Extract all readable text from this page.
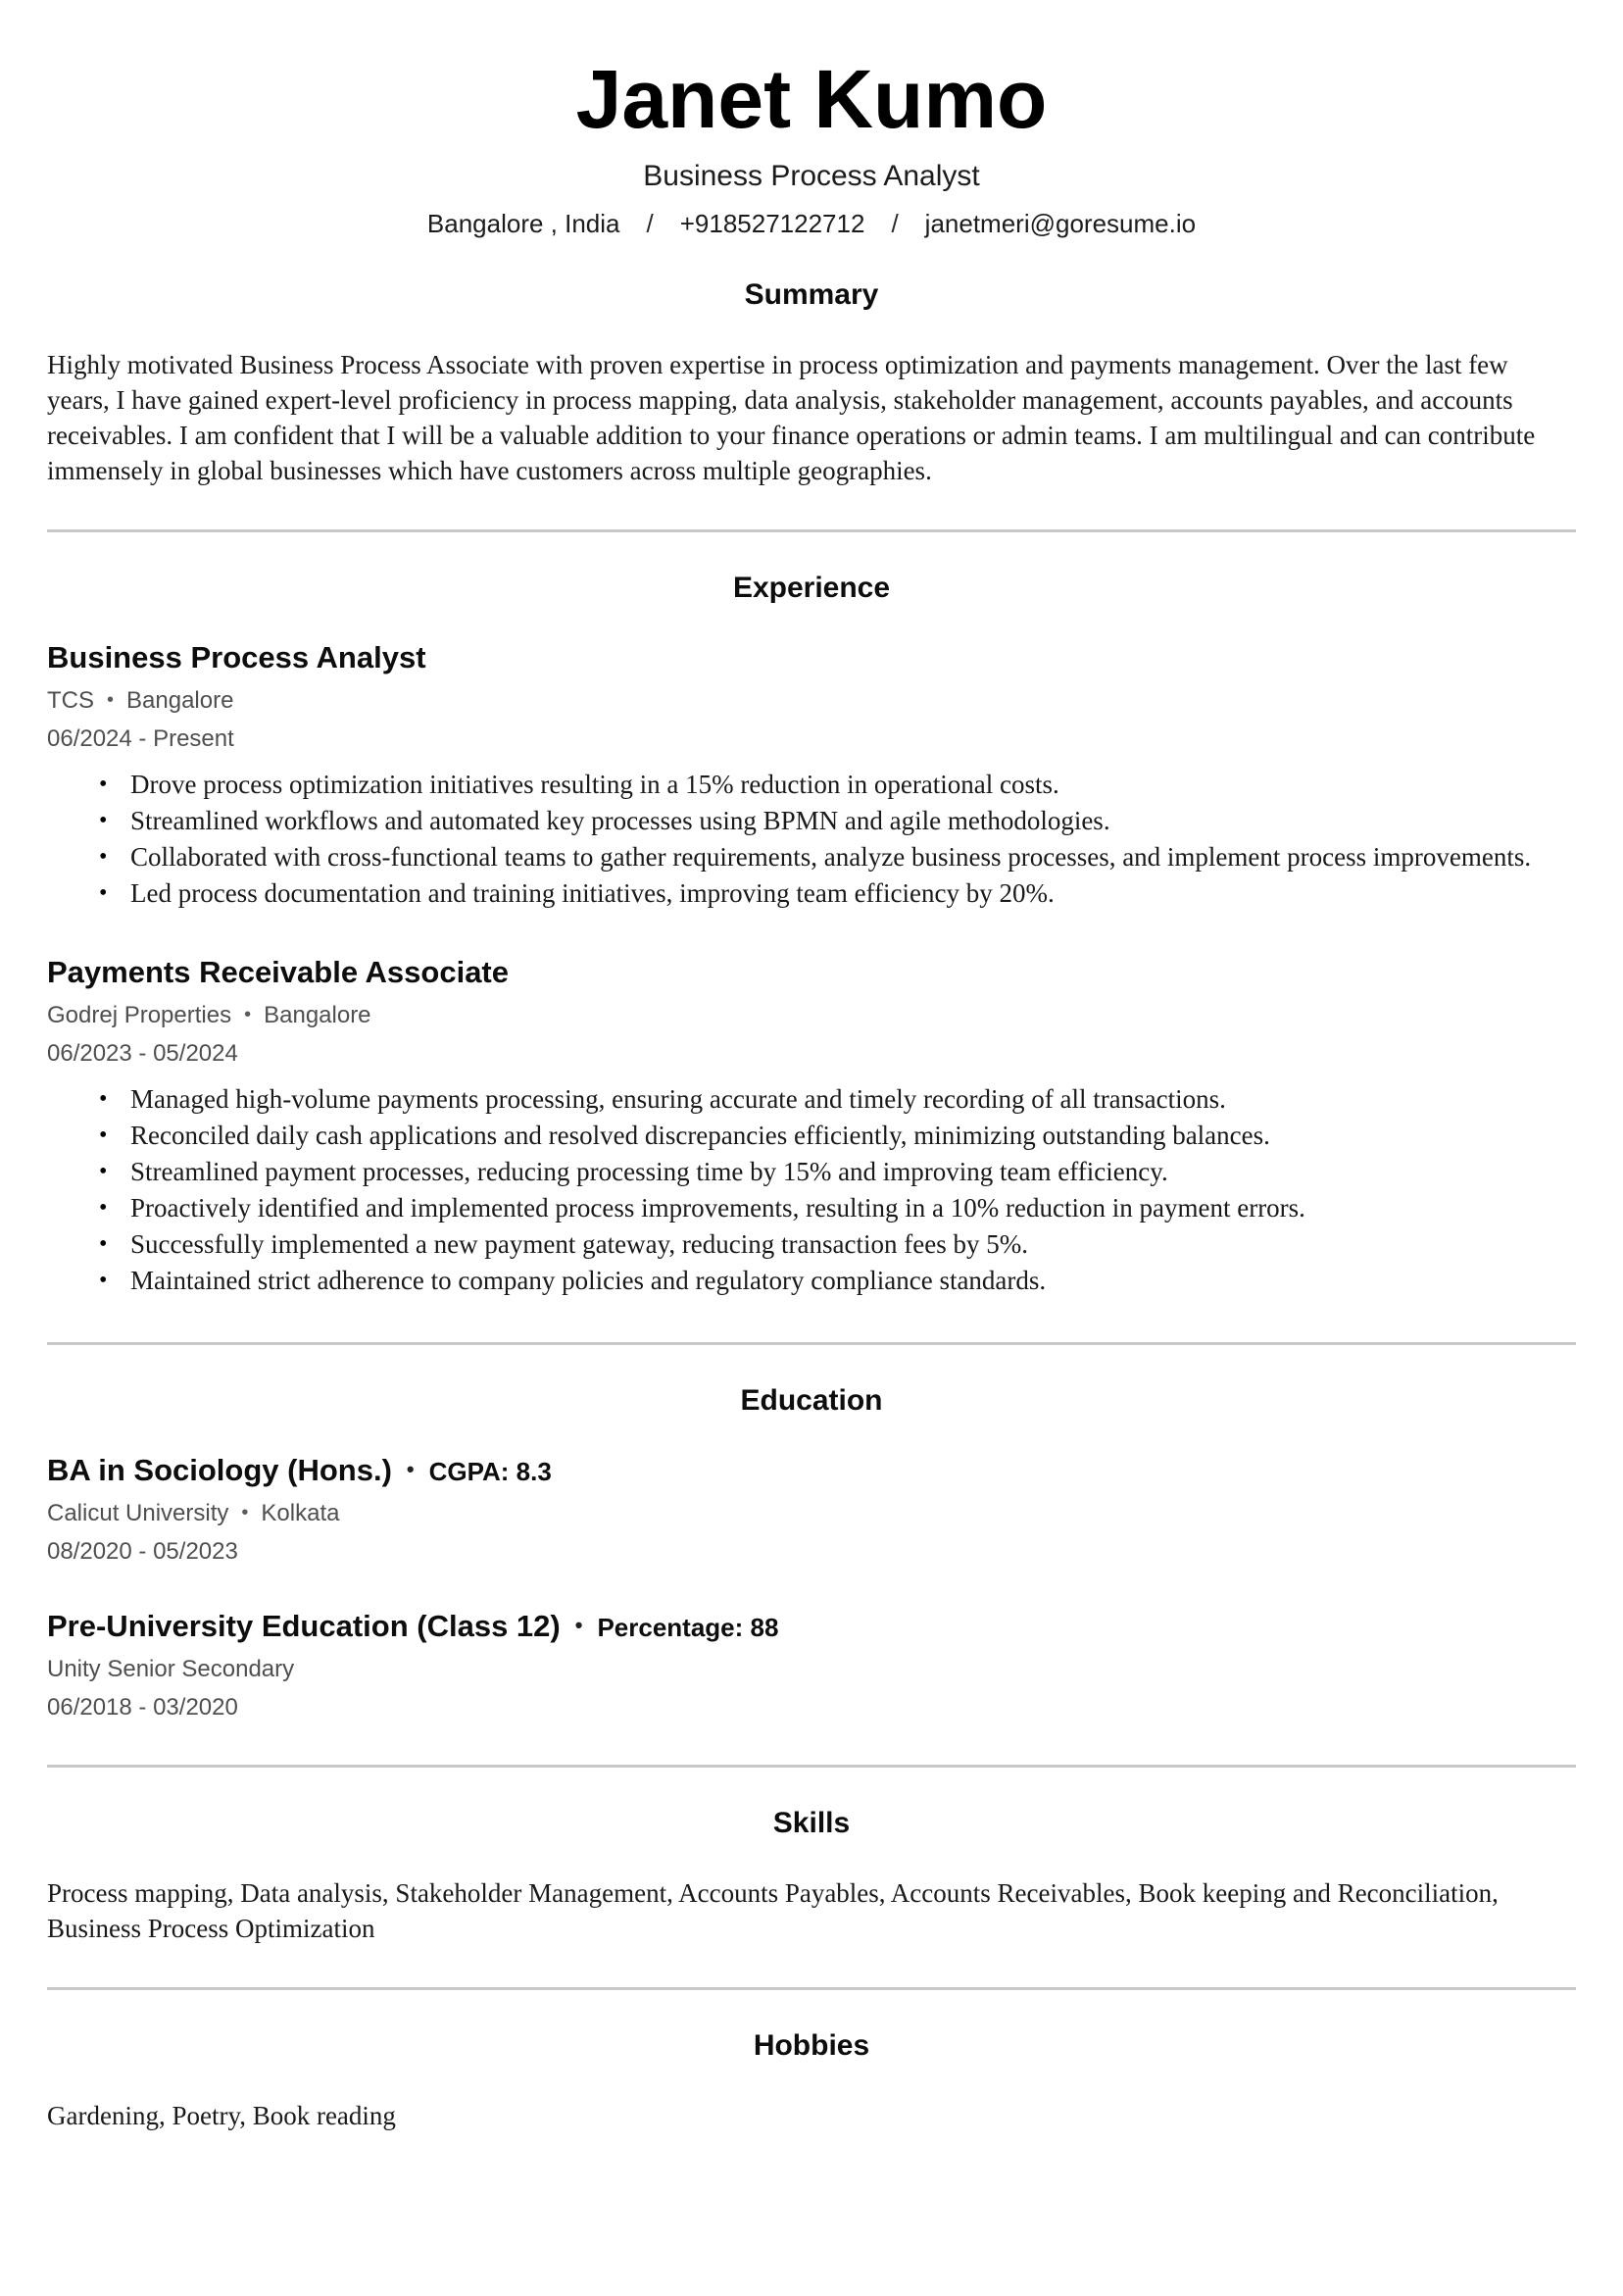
Janet Kumo
Business Process Analyst
Bangalore , India / +918527122712 / janetmeri@goresume.io
Summary

Highly motivated Business Process Associate with proven expertise in process optimization and payments management. Over the last few years, I have gained expert-level proficiency in process mapping, data analysis, stakeholder management, accounts payables, and accounts receivables. I am confident that I will be a valuable addition to your finance operations or admin teams. I am multilingual and can contribute immensely in global businesses which have customers across multiple geographies.

Experience
Business Process Analyst
TCS • Bangalore
06/2024 - Present
• Drove process optimization initiatives resulting in a 15% reduction in operational costs.
• Streamlined workflows and automated key processes using BPMN and agile methodologies.
• Collaborated with cross-functional teams to gather requirements, analyze business processes, and implement process improvements.
• Led process documentation and training initiatives, improving team efficiency by 20%.
Payments Receivable Associate
Godrej Properties • Bangalore
06/2023 - 05/2024
• Managed high-volume payments processing, ensuring accurate and timely recording of all transactions.
• Reconciled daily cash applications and resolved discrepancies efficiently, minimizing outstanding balances.
• Streamlined payment processes, reducing processing time by 15% and improving team efficiency.
• Proactively identified and implemented process improvements, resulting in a 10% reduction in payment errors.
• Successfully implemented a new payment gateway, reducing transaction fees by 5%.
• Maintained strict adherence to company policies and regulatory compliance standards.
Education
BA in Sociology (Hons.) • CGPA: 8.3
Calicut University • Kolkata
08/2020 - 05/2023
Pre-University Education (Class 12) • Percentage: 88
Unity Senior Secondary
06/2018 - 03/2020
Skills

Process mapping, Data analysis, Stakeholder Management, Accounts Payables, Accounts Receivables, Book keeping and Reconciliation, Business Process Optimization

Hobbies

Gardening, Poetry, Book reading
